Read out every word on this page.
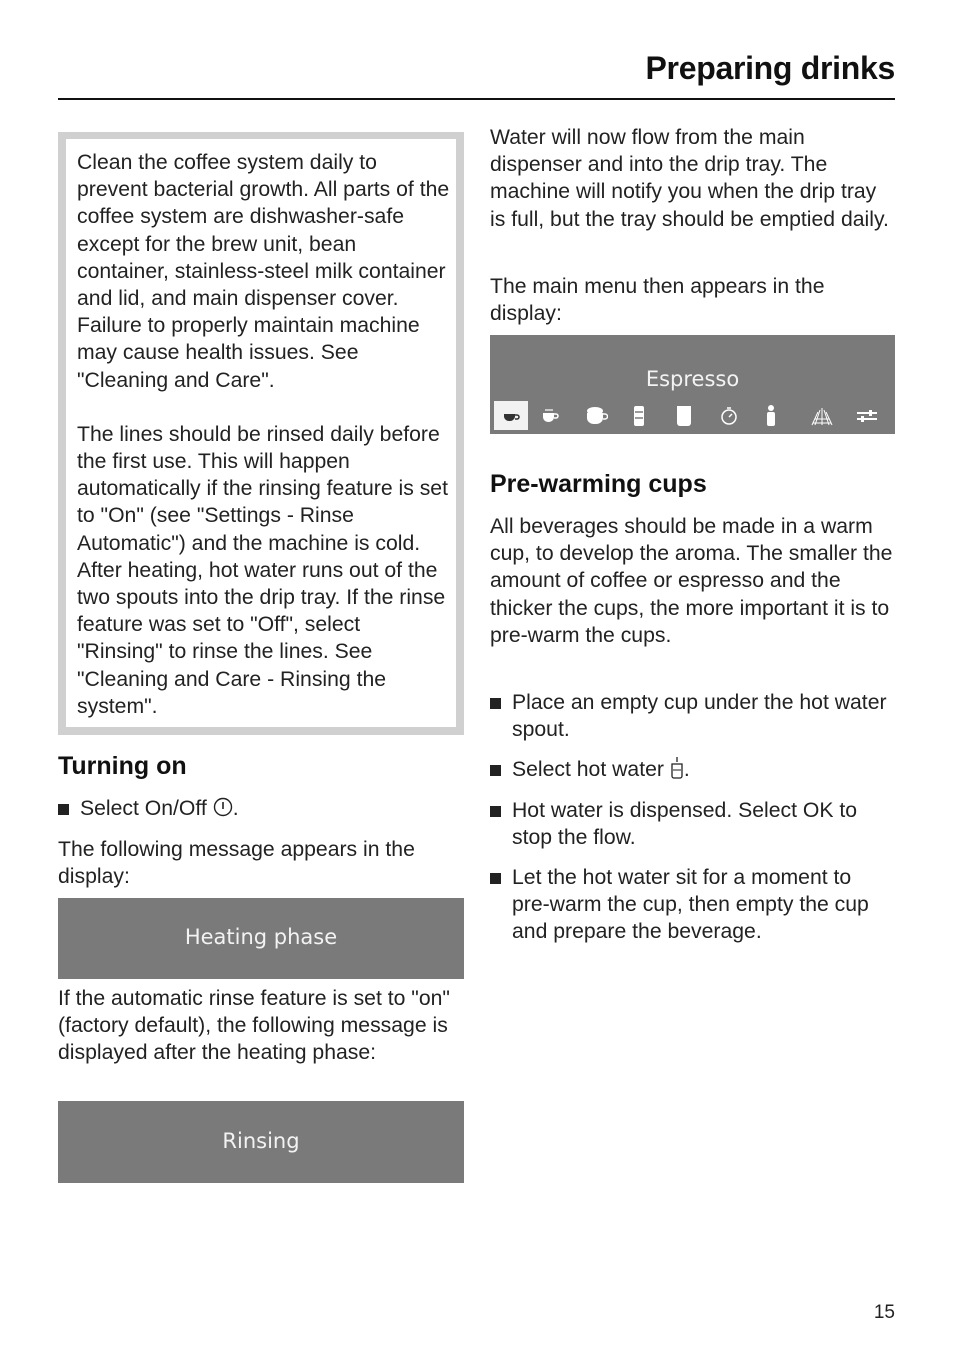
Preparing drinks

Clean the coffee system daily to prevent bacterial growth. All parts of the coffee system are dishwasher-safe except for the brew unit, bean container, stainless-steel milk container and lid, and main dispenser cover. Failure to properly maintain machine may cause health issues. See "Cleaning and Care".

The lines should be rinsed daily before the first use. This will happen automatically if the rinsing feature is set to "On" (see "Settings - Rinse Automatic") and the machine is cold. After heating, hot water runs out of the two spouts into the drip tray. If the rinse feature was set to "Off", select "Rinsing" to rinse the lines. See "Cleaning and Care - Rinsing the system".

Turning on
Select On/Off .

The following message appears in the display:

Heating phase

If the automatic rinse feature is set to "on" (factory default), the following message is displayed after the heating phase:

Rinsing

Water will now flow from the main dispenser and into the drip tray. The machine will notify you when the drip tray is full, but the tray should be emptied daily.

The main menu then appears in the display:

Espresso
Pre-warming cups

All beverages should be made in a warm cup, to develop the aroma. The smaller the amount of coffee or espresso and the thicker the cups, the more important it is to pre-warm the cups.

Place an empty cup under the hot water spout.
Select hot water .
Hot water is dispensed. Select OK to stop the flow.
Let the hot water sit for a moment to pre-warm the cup, then empty the cup and prepare the beverage.
15
